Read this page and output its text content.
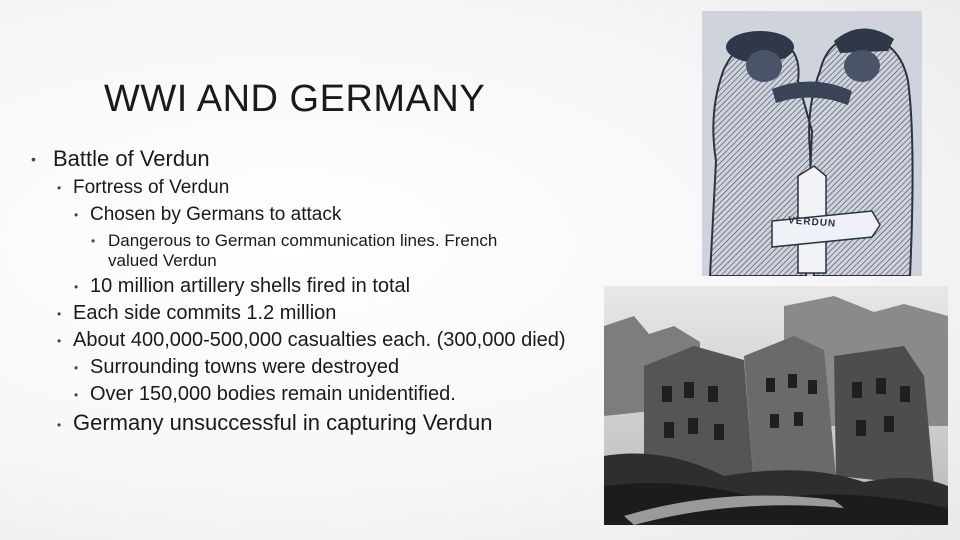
WWI AND GERMANY
• Battle of Verdun
• Fortress of Verdun
• Chosen by Germans to attack
• Dangerous to German communication lines. French
valued Verdun
• 10 million artillery shells fired in total
• Each side commits 1.2 million
• About 400,000-500,000 casualties each. (300,000 died)
• Surrounding towns were destroyed
• Over 150,000 bodies remain unidentified.
• Germany unsuccessful in capturing Verdun
VERDUN
